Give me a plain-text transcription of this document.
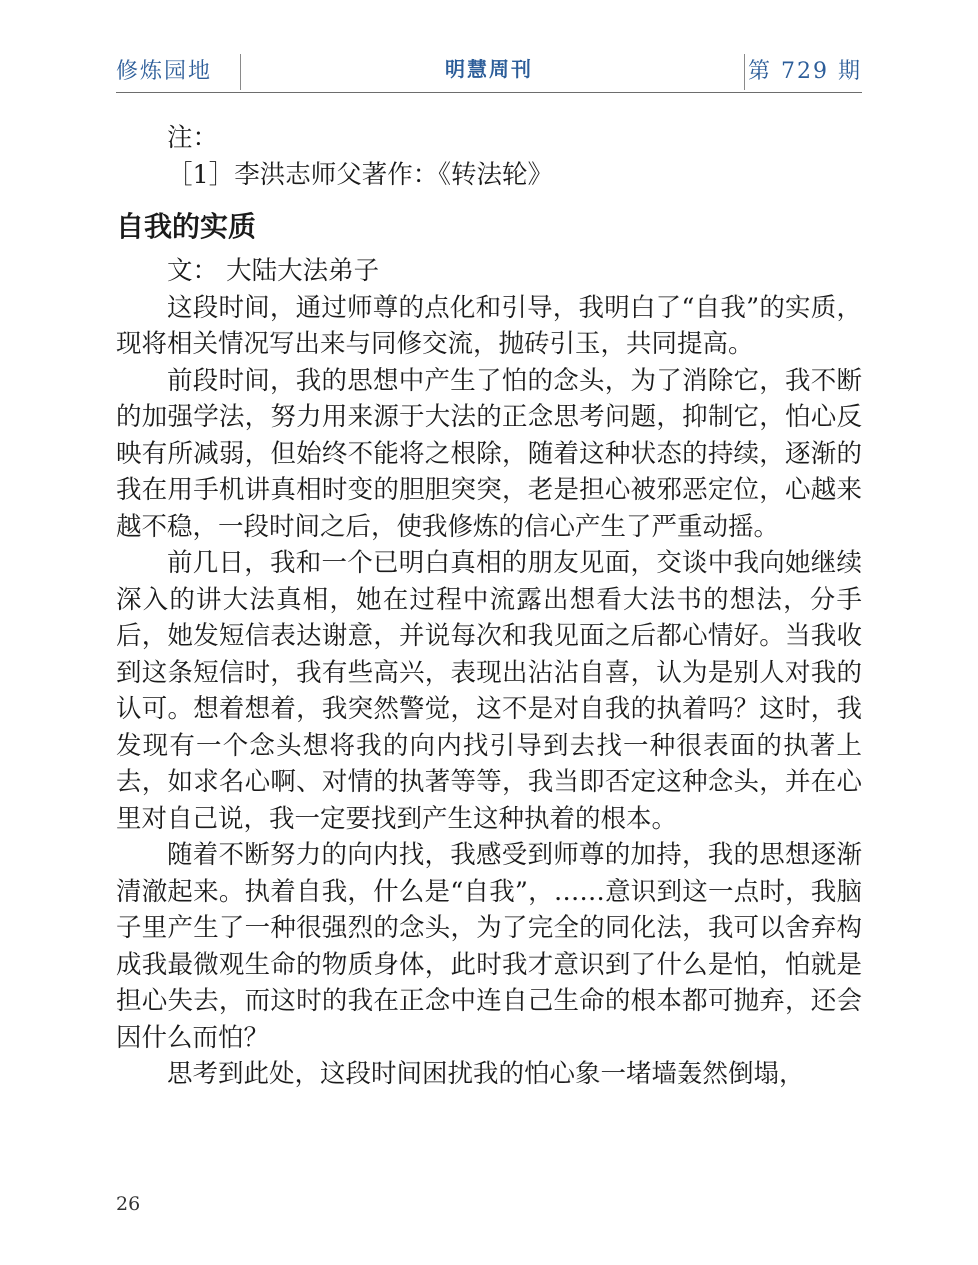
修炼园地	明慧周刊	第 729 期
注：
［1］李洪志师父著作：《转法轮》
自我的实质

文： 大陆大法弟子

这段时间，通过师尊的点化和引导，我明白了“自我”的实质，现将相关情况写出来与同修交流，抛砖引玉，共同提高。

前段时间，我的思想中产生了怕的念头，为了消除它，我不断的加强学法，努力用来源于大法的正念思考问题，抑制它，怕心反映有所减弱，但始终不能将之根除，随着这种状态的持续，逐渐的我在用手机讲真相时变的胆胆突突，老是担心被邪恶定位，心越来越不稳，一段时间之后，使我修炼的信心产生了严重动摇。

前几日，我和一个已明白真相的朋友见面，交谈中我向她继续深入的讲大法真相，她在过程中流露出想看大法书的想法，分手后，她发短信表达谢意，并说每次和我见面之后都心情好。当我收到这条短信时，我有些高兴，表现出沾沾自喜，认为是别人对我的认可。想着想着，我突然警觉，这不是对自我的执着吗？这时，我发现有一个念头想将我的向内找引导到去找一种很表面的执著上去，如求名心啊、对情的执著等等，我当即否定这种念头，并在心里对自己说，我一定要找到产生这种执着的根本。

随着不断努力的向内找，我感受到师尊的加持，我的思想逐渐清澈起来。执着自我，什么是“自我”，……意识到这一点时，我脑子里产生了一种很强烈的念头，为了完全的同化法，我可以舍弃构成我最微观生命的物质身体，此时我才意识到了什么是怕，怕就是担心失去，而这时的我在正念中连自己生命的根本都可抛弃，还会因什么而怕？

思考到此处，这段时间困扰我的怕心象一堵墙轰然倒塌，

26
